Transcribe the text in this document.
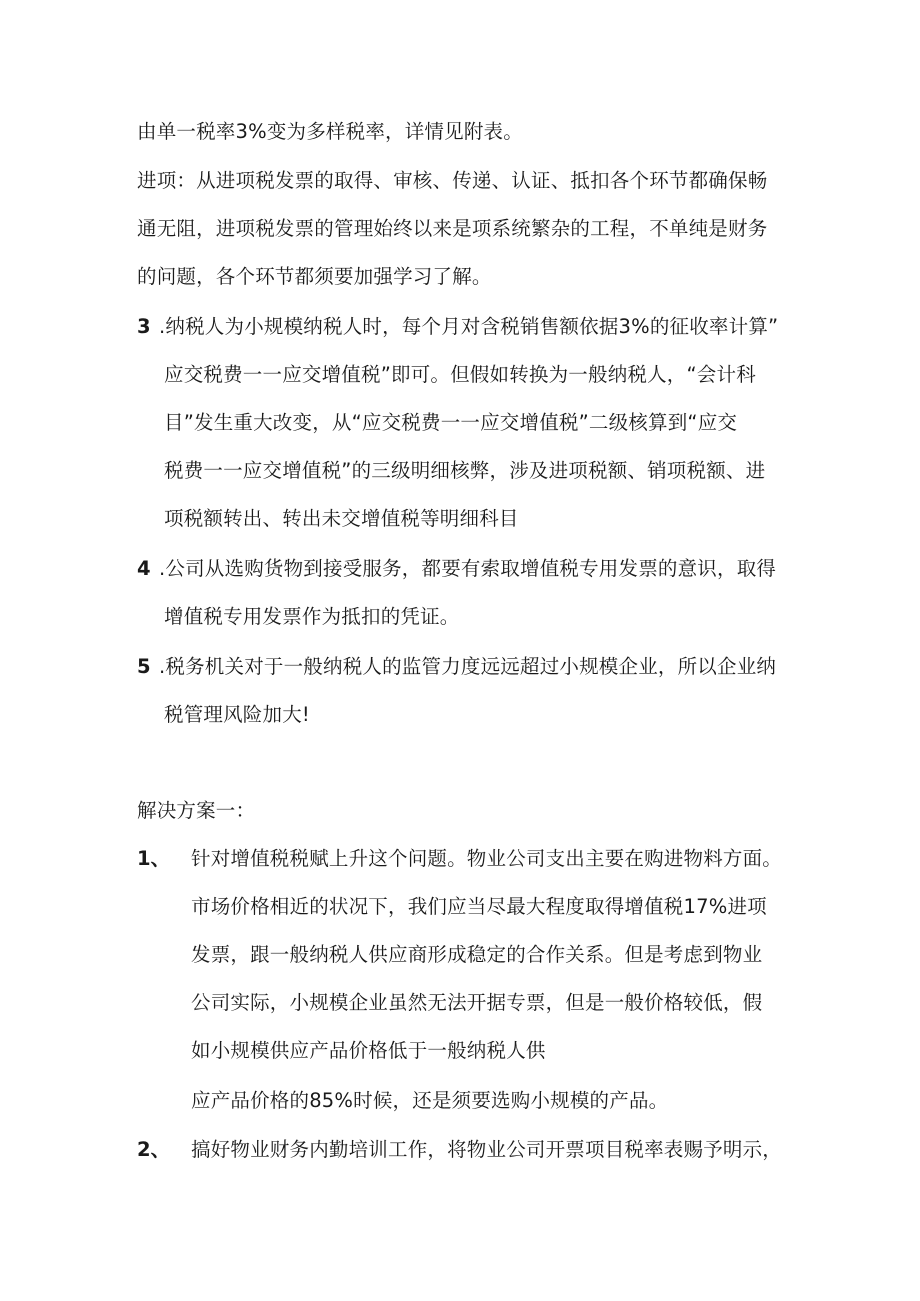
由单一税率3%变为多样税率，详情见附表。
进项：从进项税发票的取得、审核、传递、认证、抵扣各个环节都确保畅
通无阻，进项税发票的管理始终以来是项系统繁杂的工程，不单纯是财务
的问题，各个环节都须要加强学习了解。
3 .纳税人为小规模纳税人时，每个月对含税销售额依据3%的征收率计算”
应交税费一一应交增值税”即可。但假如转换为一般纳税人，“会计科
目”发生重大改变，从“应交税费一一应交增值税”二级核算到“应交
税费一一应交增值税”的三级明细核弊，涉及进项税额、销项税额、进
项税额转出、转出未交增值税等明细科目
4 .公司从选购货物到接受服务，都要有索取增值税专用发票的意识，取得
增值税专用发票作为抵扣的凭证。
5 .税务机关对于一般纳税人的监管力度远远超过小规模企业，所以企业纳
税管理风险加大!
解决方案一：
1、 针对增值税税赋上升这个问题。物业公司支出主要在购进物料方面。
市场价格相近的状况下，我们应当尽最大程度取得增值税17%进项
发票，跟一般纳税人供应商形成稳定的合作关系。但是考虑到物业
公司实际，小规模企业虽然无法开据专票，但是一般价格较低，假
如小规模供应产品价格低于一般纳税人供
应产品价格的85%时候，还是须要选购小规模的产品。
2、 搞好物业财务内勤培训工作，将物业公司开票项目税率表赐予明示，
